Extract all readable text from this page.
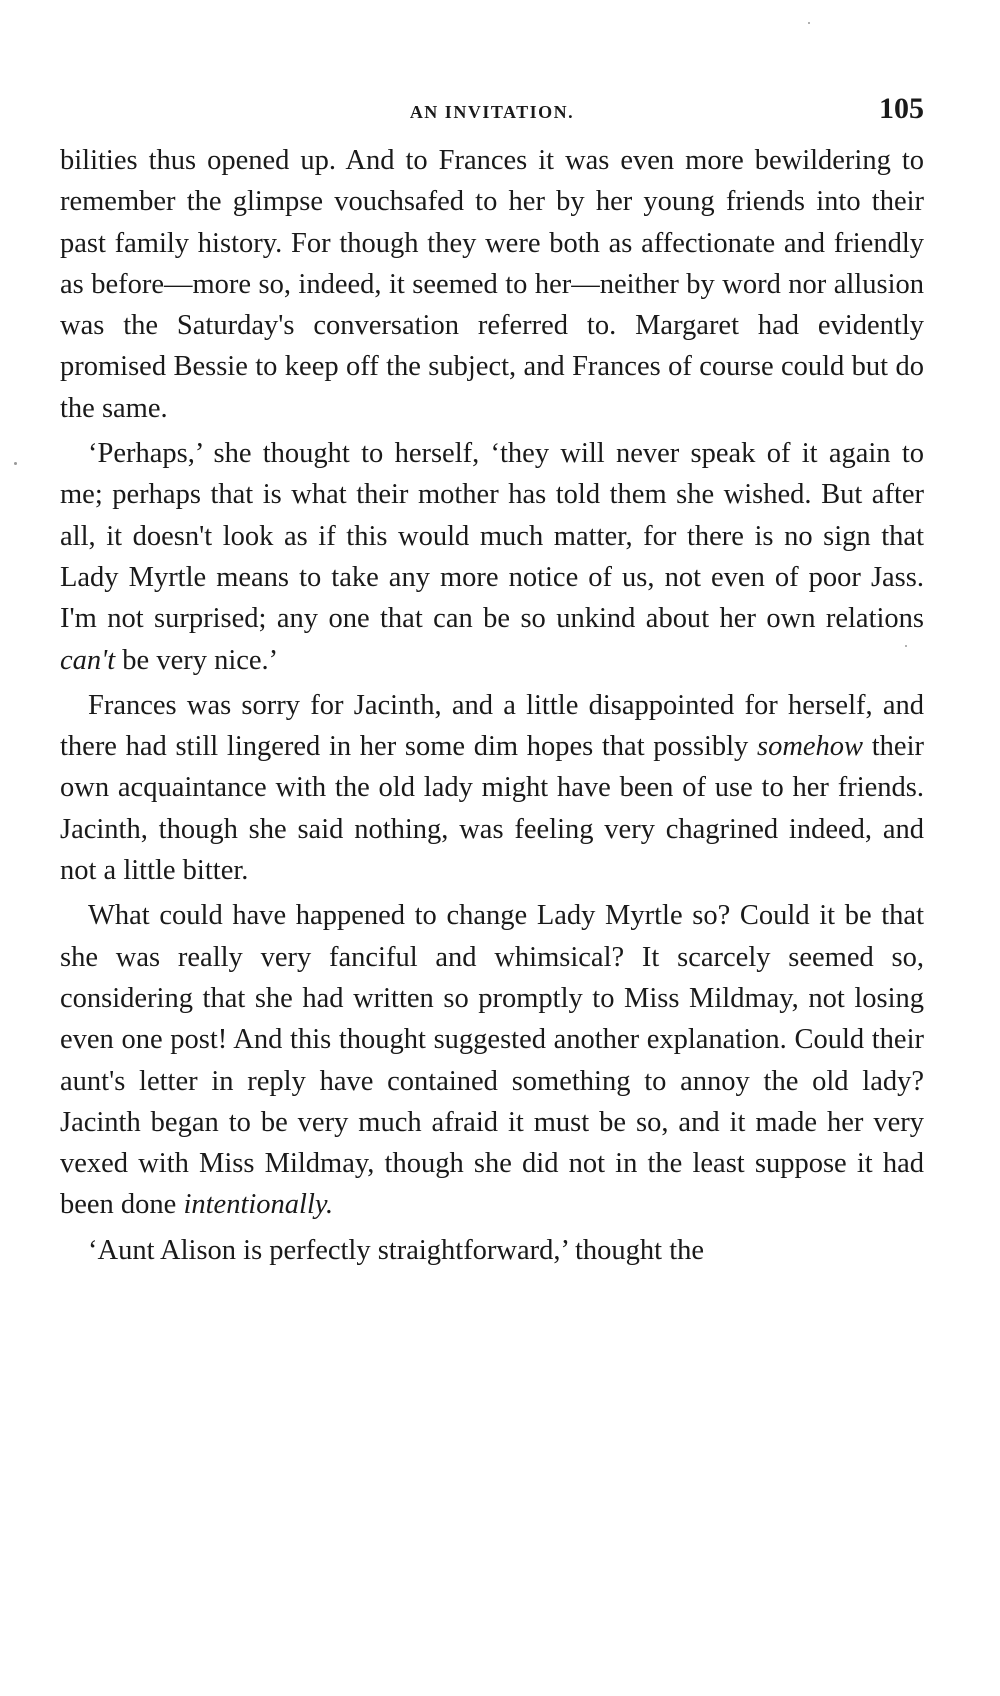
AN INVITATION.	105

bilities thus opened up. And to Frances it was even more bewildering to remember the glimpse vouchsafed to her by her young friends into their past family history. For though they were both as affectionate and friendly as before—more so, indeed, it seemed to her—neither by word nor allusion was the Saturday's conversation referred to. Margaret had evidently promised Bessie to keep off the subject, and Frances of course could but do the same.

‘Perhaps,’ she thought to herself, ‘they will never speak of it again to me; perhaps that is what their mother has told them she wished. But after all, it doesn't look as if this would much matter, for there is no sign that Lady Myrtle means to take any more notice of us, not even of poor Jass. I'm not surprised; any one that can be so unkind about her own relations can't be very nice.’

Frances was sorry for Jacinth, and a little disappointed for herself, and there had still lingered in her some dim hopes that possibly somehow their own acquaintance with the old lady might have been of use to her friends. Jacinth, though she said nothing, was feeling very chagrined indeed, and not a little bitter.

What could have happened to change Lady Myrtle so? Could it be that she was really very fanciful and whimsical? It scarcely seemed so, considering that she had written so promptly to Miss Mildmay, not losing even one post! And this thought suggested another explanation. Could their aunt's letter in reply have contained something to annoy the old lady? Jacinth began to be very much afraid it must be so, and it made her very vexed with Miss Mildmay, though she did not in the least suppose it had been done intentionally.

‘Aunt Alison is perfectly straightforward,’ thought the
